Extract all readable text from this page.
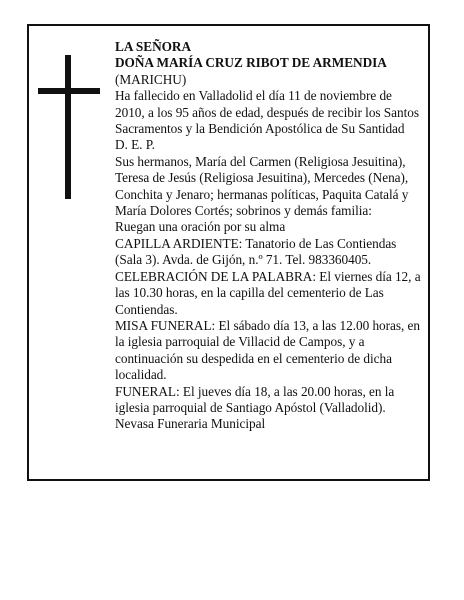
LA SEÑORA

DOÑA MARÍA CRUZ RIBOT DE ARMENDIA

(MARICHU)

Ha fallecido en Valladolid el día 11 de noviembre de 2010, a los 95 años de edad, después de recibir los Santos Sacramentos y la Bendición Apostólica de Su Santidad

D. E. P.

Sus hermanos, María del Carmen (Religiosa Jesuitina), Teresa de Jesús (Religiosa Jesuitina), Mercedes (Nena), Conchita y Jenaro; hermanas políticas, Paquita Catalá y María Dolores Cortés; sobrinos y demás familia:

Ruegan una oración por su alma

CAPILLA ARDIENTE: Tanatorio de Las Contiendas (Sala 3). Avda. de Gijón, n.º 71. Tel. 983360405.

CELEBRACIÓN DE LA PALABRA: El viernes día 12, a las 10.30 horas, en la capilla del cementerio de Las Contiendas.

MISA FUNERAL: El sábado día 13, a las 12.00 horas, en la iglesia parroquial de Villacid de Campos, y a continuación su despedida en el cementerio de dicha localidad.

FUNERAL: El jueves día 18, a las 20.00 horas, en la iglesia parroquial de Santiago Apóstol (Valladolid).

Nevasa Funeraria Municipal
